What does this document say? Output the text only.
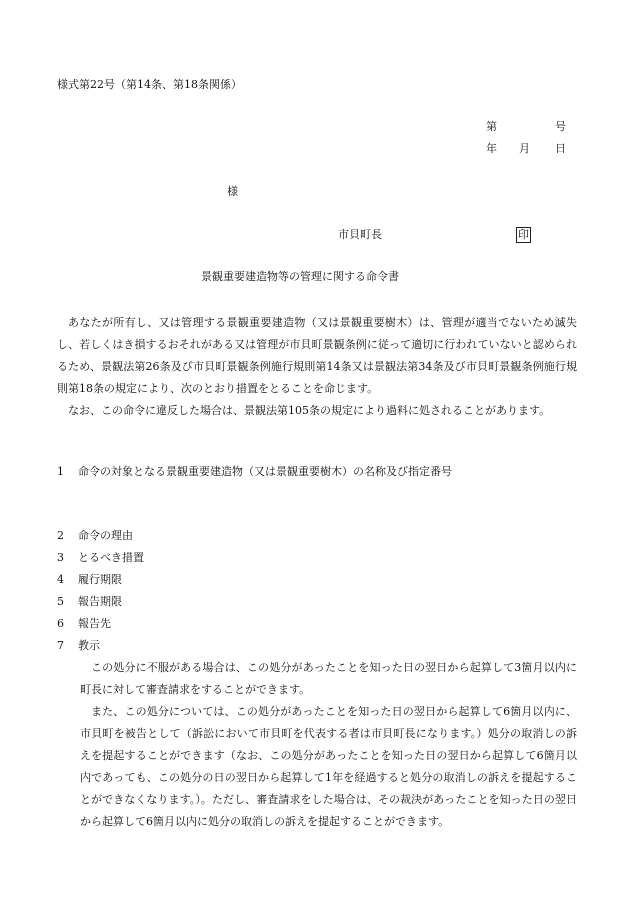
様式第22号（第14条、第18条関係）
第	号
年 月 日
様
市貝町長	印
景観重要建造物等の管理に関する命令書

あなたが所有し、又は管理する景観重要建造物（又は景観重要樹木）は、管理が適当でないため滅失し、若しくはき損するおそれがある又は管理が市貝町景観条例に従って適切に行われていないと認められるため、景観法第26条及び市貝町景観条例施行規則第14条又は景観法第34条及び市貝町景観条例施行規則第18条の規定により、次のとおり措置をとることを命じます。

なお、この命令に違反した場合は、景観法第105条の規定により過料に処されることがあります。

1 命令の対象となる景観重要建造物（又は景観重要樹木）の名称及び指定番号
2 命令の理由
3 とるべき措置
4 履行期限
5 報告期限
6 報告先
7 教示

この処分に不服がある場合は、この処分があったことを知った日の翌日から起算して3箇月以内に町長に対して審査請求をすることができます。

また、この処分については、この処分があったことを知った日の翌日から起算して6箇月以内に、市貝町を被告として（訴訟において市貝町を代表する者は市貝町長になります。）処分の取消しの訴えを提起することができます（なお、この処分があったことを知った日の翌日から起算して6箇月以内であっても、この処分の日の翌日から起算して1年を経過すると処分の取消しの訴えを提起することができなくなります。）。ただし、審査請求をした場合は、その裁決があったことを知った日の翌日から起算して6箇月以内に処分の取消しの訴えを提起することができます。
